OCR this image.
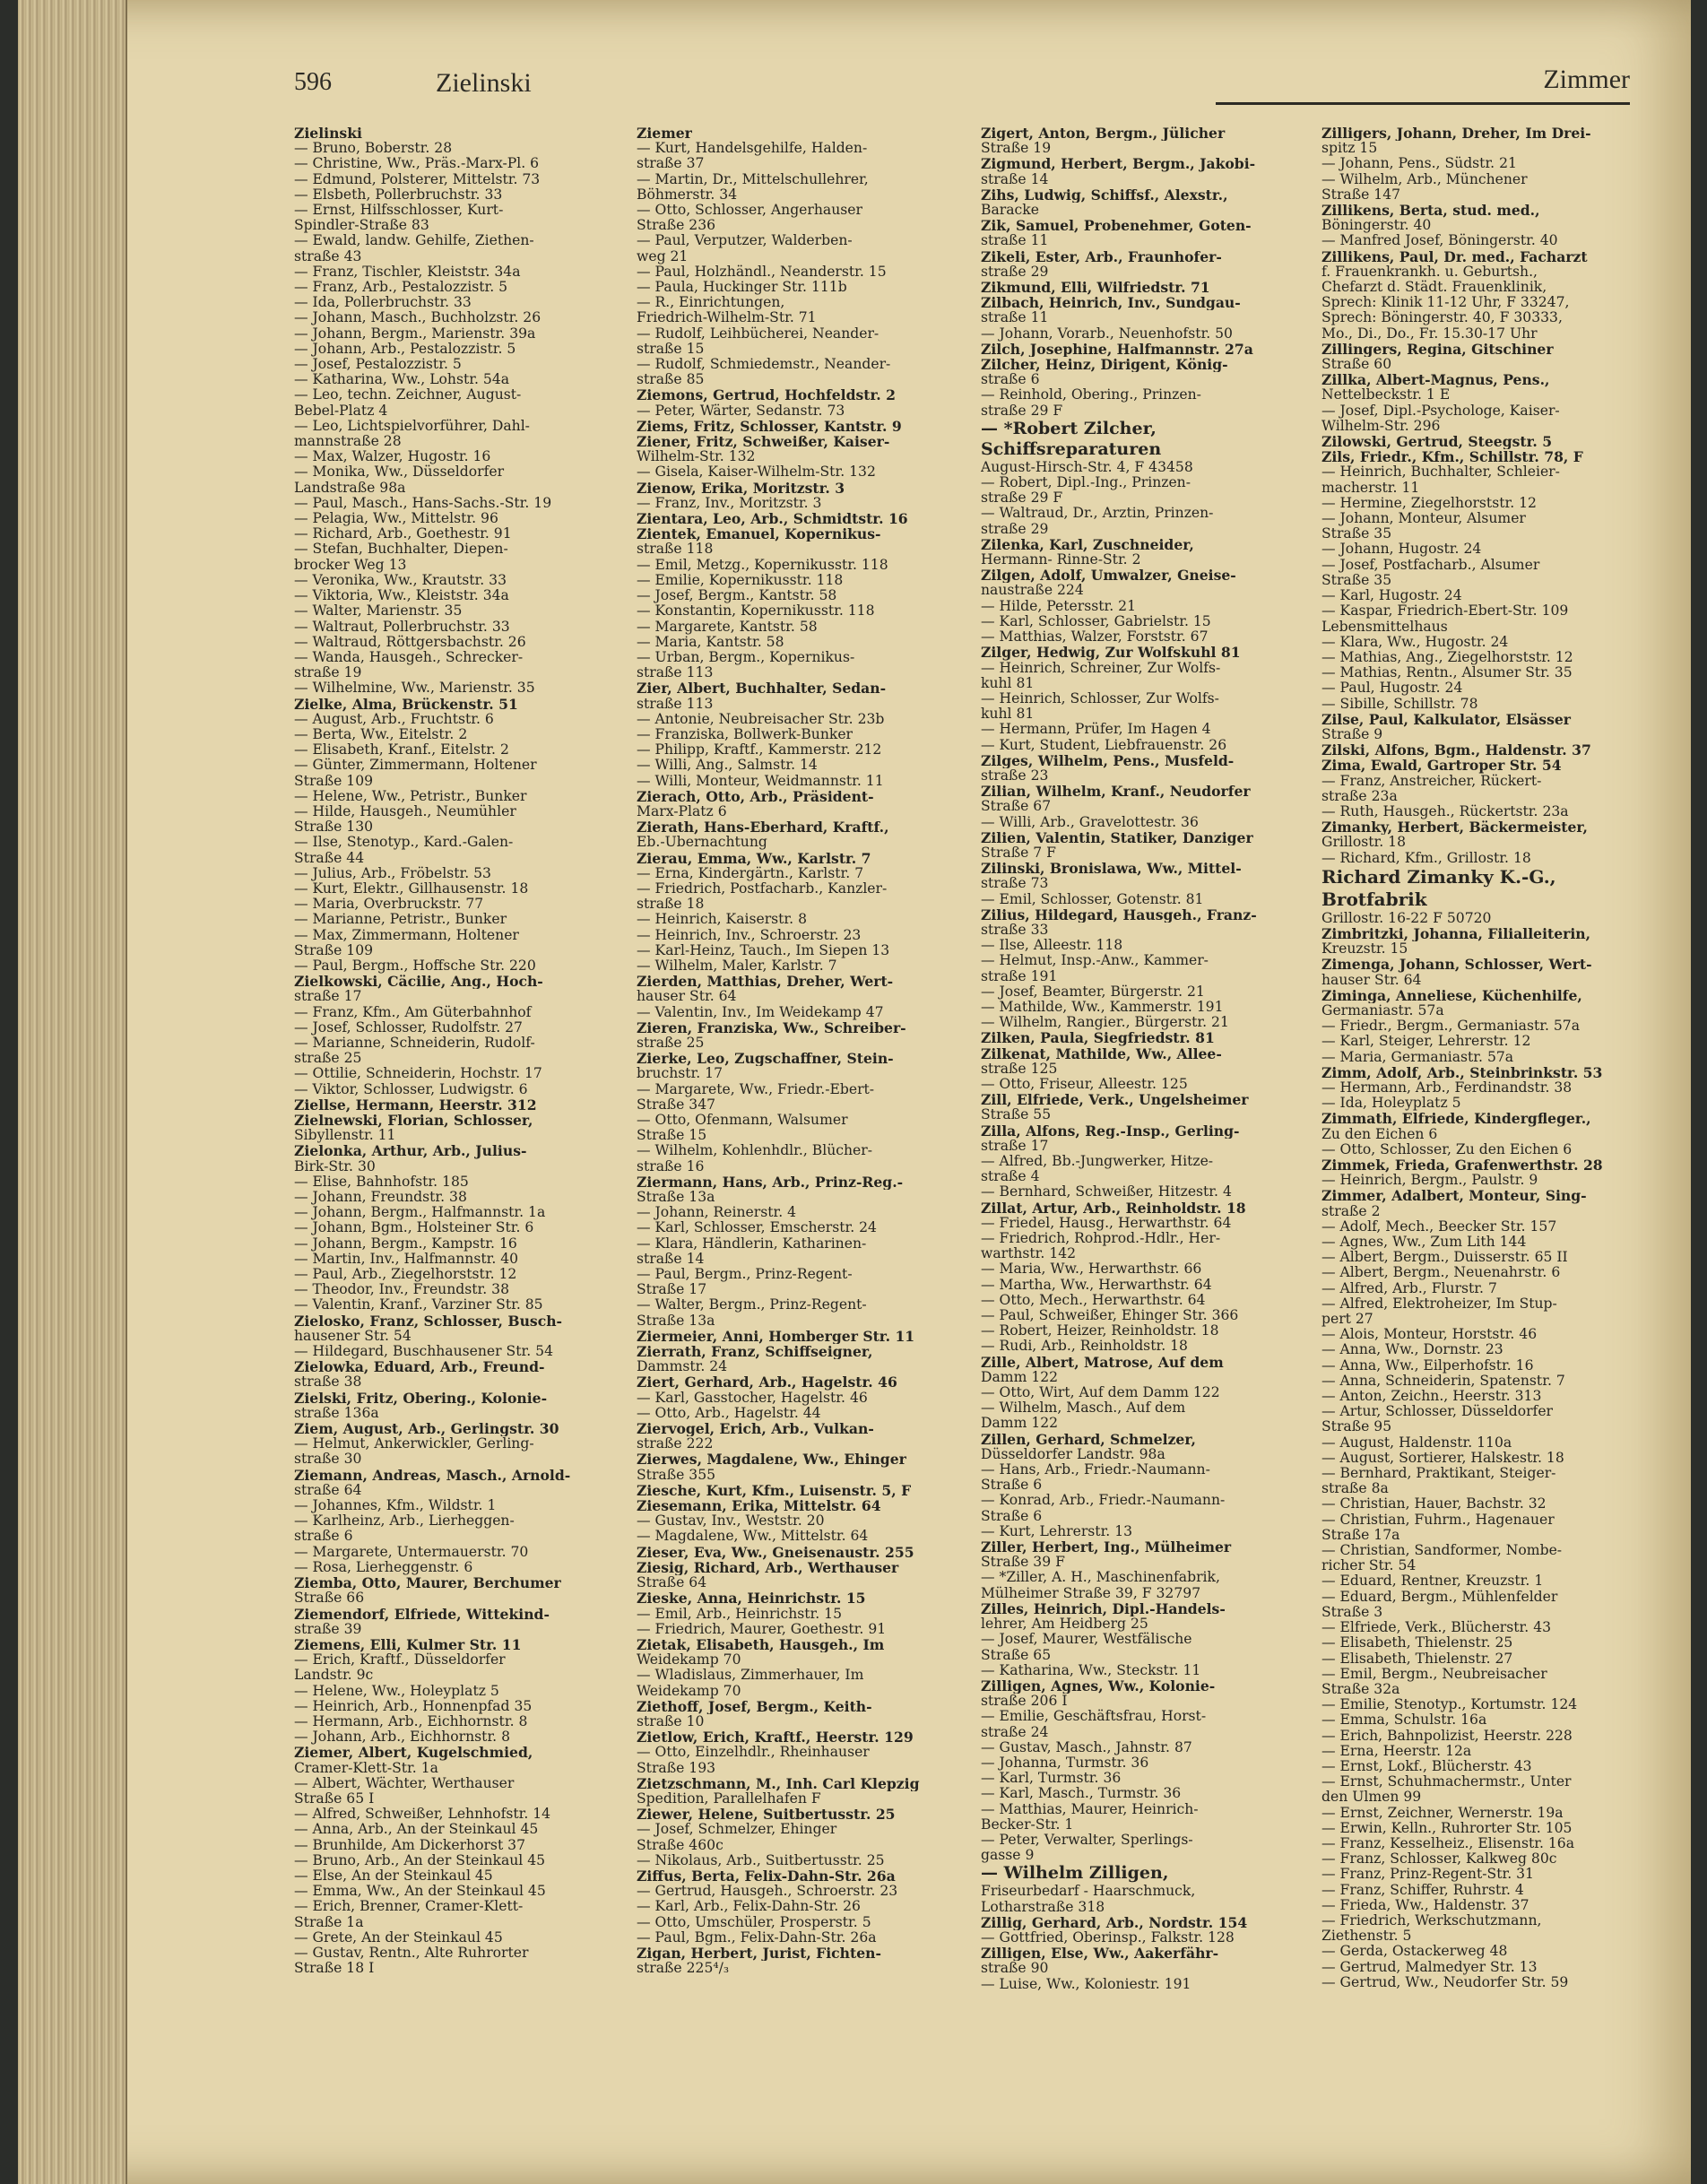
596	Zielinski	Zimmer
Zielinski
— Bruno, Boberstr. 28
— Christine, Ww., Präs.-Marx-Pl. 6
— Edmund, Polsterer, Mittelstr. 73
— Elsbeth, Pollerbruchstr. 33
— Ernst, Hilfsschlosser, Kurt-
Spindler-Straße 83
— Ewald, landw. Gehilfe, Ziethen-
straße 43
— Franz, Tischler, Kleiststr. 34a
— Franz, Arb., Pestalozzistr. 5
— Ida, Pollerbruchstr. 33
— Johann, Masch., Buchholzstr. 26
— Johann, Bergm., Marienstr. 39a
— Johann, Arb., Pestalozzistr. 5
— Josef, Pestalozzistr. 5
— Katharina, Ww., Lohstr. 54a
— Leo, techn. Zeichner, August-
Bebel-Platz 4
— Leo, Lichtspielvorführer, Dahl-
mannstraße 28
— Max, Walzer, Hugostr. 16
— Monika, Ww., Düsseldorfer
Landstraße 98a
— Paul, Masch., Hans-Sachs.-Str. 19
— Pelagia, Ww., Mittelstr. 96
— Richard, Arb., Goethestr. 91
— Stefan, Buchhalter, Diepen-
brocker Weg 13
— Veronika, Ww., Krautstr. 33
— Viktoria, Ww., Kleiststr. 34a
— Walter, Marienstr. 35
— Waltraut, Pollerbruchstr. 33
— Waltraud, Röttgersbachstr. 26
— Wanda, Hausgeh., Schrecker-
straße 19
— Wilhelmine, Ww., Marienstr. 35
Zielke, Alma, Brückenstr. 51
— August, Arb., Fruchtstr. 6
— Berta, Ww., Eitelstr. 2
— Elisabeth, Kranf., Eitelstr. 2
— Günter, Zimmermann, Holtener
Straße 109
— Helene, Ww., Petristr., Bunker
— Hilde, Hausgeh., Neumühler
Straße 130
— Ilse, Stenotyp., Kard.-Galen-
Straße 44
— Julius, Arb., Fröbelstr. 53
— Kurt, Elektr., Gillhausenstr. 18
— Maria, Overbruckstr. 77
— Marianne, Petristr., Bunker
— Max, Zimmermann, Holtener
Straße 109
— Paul, Bergm., Hoffsche Str. 220
Zielkowski, Cäcilie, Ang., Hoch-
straße 17
— Franz, Kfm., Am Güterbahnhof
— Josef, Schlosser, Rudolfstr. 27
— Marianne, Schneiderin, Rudolf-
straße 25
— Ottilie, Schneiderin, Hochstr. 17
— Viktor, Schlosser, Ludwigstr. 6
Ziellse, Hermann, Heerstr. 312
Zielnewski, Florian, Schlosser,
Sibyllenstr. 11
Zielonka, Arthur, Arb., Julius-
Birk-Str. 30
— Elise, Bahnhofstr. 185
— Johann, Freundstr. 38
— Johann, Bergm., Halfmannstr. 1a
— Johann, Bgm., Holsteiner Str. 6
— Johann, Bergm., Kampstr. 16
— Martin, Inv., Halfmannstr. 40
— Paul, Arb., Ziegelhorststr. 12
— Theodor, Inv., Freundstr. 38
— Valentin, Kranf., Varziner Str. 85
Zielosko, Franz, Schlosser, Busch-
hausener Str. 54
— Hildegard, Buschhausener Str. 54
Zielowka, Eduard, Arb., Freund-
straße 38
Zielski, Fritz, Obering., Kolonie-
straße 136a
Ziem, August, Arb., Gerlingstr. 30
— Helmut, Ankerwickler, Gerling-
straße 30
Ziemann, Andreas, Masch., Arnold-
straße 64
— Johannes, Kfm., Wildstr. 1
— Karlheinz, Arb., Lierheggen-
straße 6
— Margarete, Untermauerstr. 70
— Rosa, Lierheggenstr. 6
Ziemba, Otto, Maurer, Berchumer
Straße 66
Ziemendorf, Elfriede, Wittekind-
straße 39
Ziemens, Elli, Kulmer Str. 11
— Erich, Kraftf., Düsseldorfer
Landstr. 9c
— Helene, Ww., Holeyplatz 5
— Heinrich, Arb., Honnenpfad 35
— Hermann, Arb., Eichhornstr. 8
— Johann, Arb., Eichhornstr. 8
Ziemer, Albert, Kugelschmied,
Cramer-Klett-Str. 1a
— Albert, Wächter, Werthauser
Straße 65 I
— Alfred, Schweißer, Lehnhofstr. 14
— Anna, Arb., An der Steinkaul 45
— Brunhilde, Am Dickerhorst 37
— Bruno, Arb., An der Steinkaul 45
— Else, An der Steinkaul 45
— Emma, Ww., An der Steinkaul 45
— Erich, Brenner, Cramer-Klett-
Straße 1a
— Grete, An der Steinkaul 45
— Gustav, Rentn., Alte Ruhrorter
Straße 18 I
Ziemer
— Kurt, Handelsgehilfe, Halden-
straße 37
— Martin, Dr., Mittelschullehrer,
Böhmerstr. 34
— Otto, Schlosser, Angerhauser
Straße 236
— Paul, Verputzer, Walderben-
weg 21
— Paul, Holzhändl., Neanderstr. 15
— Paula, Huckinger Str. 111b
— R., Einrichtungen,
Friedrich-Wilhelm-Str. 71
— Rudolf, Leihbücherei, Neander-
straße 15
— Rudolf, Schmiedemstr., Neander-
straße 85
Ziemons, Gertrud, Hochfeldstr. 2
— Peter, Wärter, Sedanstr. 73
Ziems, Fritz, Schlosser, Kantstr. 9
Ziener, Fritz, Schweißer, Kaiser-
Wilhelm-Str. 132
— Gisela, Kaiser-Wilhelm-Str. 132
Zienow, Erika, Moritzstr. 3
— Franz, Inv., Moritzstr. 3
Zientara, Leo, Arb., Schmidtstr. 16
Zientek, Emanuel, Kopernikus-
straße 118
— Emil, Metzg., Kopernikusstr. 118
— Emilie, Kopernikusstr. 118
— Josef, Bergm., Kantstr. 58
— Konstantin, Kopernikusstr. 118
— Margarete, Kantstr. 58
— Maria, Kantstr. 58
— Urban, Bergm., Kopernikus-
straße 113
Zier, Albert, Buchhalter, Sedan-
straße 113
— Antonie, Neubreisacher Str. 23b
— Franziska, Bollwerk-Bunker
— Philipp, Kraftf., Kammerstr. 212
— Willi, Ang., Salmstr. 14
— Willi, Monteur, Weidmannstr. 11
Zierach, Otto, Arb., Präsident-
Marx-Platz 6
Zierath, Hans-Eberhard, Kraftf.,
Eb.-Übernachtung
Zierau, Emma, Ww., Karlstr. 7
— Erna, Kindergärtn., Karlstr. 7
— Friedrich, Postfacharb., Kanzler-
straße 18
— Heinrich, Kaiserstr. 8
— Heinrich, Inv., Schroerstr. 23
— Karl-Heinz, Tauch., Im Siepen 13
— Wilhelm, Maler, Karlstr. 7
Zierden, Matthias, Dreher, Wert-
hauser Str. 64
— Valentin, Inv., Im Weidekamp 47
Zieren, Franziska, Ww., Schreiber-
straße 25
Zierke, Leo, Zugschaffner, Stein-
bruchstr. 17
— Margarete, Ww., Friedr.-Ebert-
Straße 347
— Otto, Ofenmann, Walsumer
Straße 15
— Wilhelm, Kohlenhdlr., Blücher-
straße 16
Ziermann, Hans, Arb., Prinz-Reg.-
Straße 13a
— Johann, Reinerstr. 4
— Karl, Schlosser, Emscherstr. 24
— Klara, Händlerin, Katharinen-
straße 14
— Paul, Bergm., Prinz-Regent-
Straße 17
— Walter, Bergm., Prinz-Regent-
Straße 13a
Ziermeier, Anni, Homberger Str. 11
Zierrath, Franz, Schiffseigner,
Dammstr. 24
Ziert, Gerhard, Arb., Hagelstr. 46
— Karl, Gasstocher, Hagelstr. 46
— Otto, Arb., Hagelstr. 44
Ziervogel, Erich, Arb., Vulkan-
straße 222
Zierwes, Magdalene, Ww., Ehinger
Straße 355
Ziesche, Kurt, Kfm., Luisenstr. 5, F
Ziesemann, Erika, Mittelstr. 64
— Gustav, Inv., Weststr. 20
— Magdalene, Ww., Mittelstr. 64
Zieser, Eva, Ww., Gneisenaustr. 255
Ziesig, Richard, Arb., Werthauser
Straße 64
Zieske, Anna, Heinrichstr. 15
— Emil, Arb., Heinrichstr. 15
— Friedrich, Maurer, Goethestr. 91
Zietak, Elisabeth, Hausgeh., Im
Weidekamp 70
— Wladislaus, Zimmerhauer, Im
Weidekamp 70
Ziethoff, Josef, Bergm., Keith-
straße 10
Zietlow, Erich, Kraftf., Heerstr. 129
— Otto, Einzelhdlr., Rheinhauser
Straße 193
Zietzschmann, M., Inh. Carl Klepzig
Spedition, Parallelhafen F
Ziewer, Helene, Suitbertusstr. 25
— Josef, Schmelzer, Ehinger
Straße 460c
— Nikolaus, Arb., Suitbertusstr. 25
Ziffus, Berta, Felix-Dahn-Str. 26a
— Gertrud, Hausgeh., Schroerstr. 23
— Karl, Arb., Felix-Dahn-Str. 26
— Otto, Umschüler, Prosperstr. 5
— Paul, Bgm., Felix-Dahn-Str. 26a
Zigan, Herbert, Jurist, Fichten-
straße 225⁴/₃
Zigert, Anton, Bergm., Jülicher
Straße 19
Zigmund, Herbert, Bergm., Jakobi-
straße 14
Zihs, Ludwig, Schiffsf., Alexstr.,
Baracke
Zik, Samuel, Probenehmer, Goten-
straße 11
Zikeli, Ester, Arb., Fraunhofer-
straße 29
Zikmund, Elli, Wilfriedstr. 71
Zilbach, Heinrich, Inv., Sundgau-
straße 11
— Johann, Vorarb., Neuenhofstr. 50
Zilch, Josephine, Halfmannstr. 27a
Zilcher, Heinz, Dirigent, König-
straße 6
— Reinhold, Obering., Prinzen-
straße 29 F
— *Robert Zilcher,
Schiffsreparaturen
August-Hirsch-Str. 4, F 43458
— Robert, Dipl.-Ing., Prinzen-
straße 29 F
— Waltraud, Dr., Ärztin, Prinzen-
straße 29
Zilenka, Karl, Zuschneider,
Hermann- Rinne-Str. 2
Zilgen, Adolf, Umwalzer, Gneise-
naustraße 224
— Hilde, Petersstr. 21
— Karl, Schlosser, Gabrielstr. 15
— Matthias, Walzer, Forststr. 67
Zilger, Hedwig, Zur Wolfskuhl 81
— Heinrich, Schreiner, Zur Wolfs-
kuhl 81
— Heinrich, Schlosser, Zur Wolfs-
kuhl 81
— Hermann, Prüfer, Im Hagen 4
— Kurt, Student, Liebfrauenstr. 26
Zilges, Wilhelm, Pens., Musfeld-
straße 23
Zilian, Wilhelm, Kranf., Neudorfer
Straße 67
— Willi, Arb., Gravelottestr. 36
Zilien, Valentin, Statiker, Danziger
Straße 7 F
Zilinski, Bronislawa, Ww., Mittel-
straße 73
— Emil, Schlosser, Gotenstr. 81
Zilius, Hildegard, Hausgeh., Franz-
straße 33
— Ilse, Alleestr. 118
— Helmut, Insp.-Anw., Kammer-
straße 191
— Josef, Beamter, Bürgerstr. 21
— Mathilde, Ww., Kammerstr. 191
— Wilhelm, Rangier., Bürgerstr. 21
Zilken, Paula, Siegfriedstr. 81
Zilkenat, Mathilde, Ww., Allee-
straße 125
— Otto, Friseur, Alleestr. 125
Zill, Elfriede, Verk., Ungelsheimer
Straße 55
Zilla, Alfons, Reg.-Insp., Gerling-
straße 17
— Alfred, Bb.-Jungwerker, Hitze-
straße 4
— Bernhard, Schweißer, Hitzestr. 4
Zillat, Artur, Arb., Reinholdstr. 18
— Friedel, Hausg., Herwarthstr. 64
— Friedrich, Rohprod.-Hdlr., Her-
warthstr. 142
— Maria, Ww., Herwarthstr. 66
— Martha, Ww., Herwarthstr. 64
— Otto, Mech., Herwarthstr. 64
— Paul, Schweißer, Ehinger Str. 366
— Robert, Heizer, Reinholdstr. 18
— Rudi, Arb., Reinholdstr. 18
Zille, Albert, Matrose, Auf dem
Damm 122
— Otto, Wirt, Auf dem Damm 122
— Wilhelm, Masch., Auf dem
Damm 122
Zillen, Gerhard, Schmelzer,
Düsseldorfer Landstr. 98a
— Hans, Arb., Friedr.-Naumann-
Straße 6
— Konrad, Arb., Friedr.-Naumann-
Straße 6
— Kurt, Lehrerstr. 13
Ziller, Herbert, Ing., Mülheimer
Straße 39 F
— *Ziller, A. H., Maschinenfabrik,
Mülheimer Straße 39, F 32797
Zilles, Heinrich, Dipl.-Handels-
lehrer, Am Heidberg 25
— Josef, Maurer, Westfälische
Straße 65
— Katharina, Ww., Steckstr. 11
Zilligen, Agnes, Ww., Kolonie-
straße 206 I
— Emilie, Geschäftsfrau, Horst-
straße 24
— Gustav, Masch., Jahnstr. 87
— Johanna, Turmstr. 36
— Karl, Turmstr. 36
— Karl, Masch., Turmstr. 36
— Matthias, Maurer, Heinrich-
Becker-Str. 1
— Peter, Verwalter, Sperlings-
gasse 9
— Wilhelm Zilligen,
Friseurbedarf - Haarschmuck,
Lotharstraße 318
Zillig, Gerhard, Arb., Nordstr. 154
— Gottfried, Oberinsp., Falkstr. 128
Zilligen, Else, Ww., Aakerfähr-
straße 90
— Luise, Ww., Koloniestr. 191
Zilligers, Johann, Dreher, Im Drei-
spitz 15
— Johann, Pens., Südstr. 21
— Wilhelm, Arb., Münchener
Straße 147
Zillikens, Berta, stud. med.,
Böningerstr. 40
— Manfred Josef, Böningerstr. 40
Zillikens, Paul, Dr. med., Facharzt
f. Frauenkrankh. u. Geburtsh.,
Chefarzt d. Städt. Frauenklinik,
Sprech: Klinik 11-12 Uhr, F 33247,
Sprech: Böningerstr. 40, F 30333,
Mo., Di., Do., Fr. 15.30-17 Uhr
Zillingers, Regina, Gitschiner
Straße 60
Zillka, Albert-Magnus, Pens.,
Nettelbeckstr. 1 E
— Josef, Dipl.-Psychologe, Kaiser-
Wilhelm-Str. 296
Zilowski, Gertrud, Steegstr. 5
Zils, Friedr., Kfm., Schillstr. 78, F
— Heinrich, Buchhalter, Schleier-
macherstr. 11
— Hermine, Ziegelhorststr. 12
— Johann, Monteur, Alsumer
Straße 35
— Johann, Hugostr. 24
— Josef, Postfacharb., Alsumer
Straße 35
— Karl, Hugostr. 24
— Kaspar, Friedrich-Ebert-Str. 109
Lebensmittelhaus
— Klara, Ww., Hugostr. 24
— Mathias, Ang., Ziegelhorststr. 12
— Mathias, Rentn., Alsumer Str. 35
— Paul, Hugostr. 24
— Sibille, Schillstr. 78
Zilse, Paul, Kalkulator, Elsässer
Straße 9
Zilski, Alfons, Bgm., Haldenstr. 37
Zima, Ewald, Gartroper Str. 54
— Franz, Anstreicher, Rückert-
straße 23a
— Ruth, Hausgeh., Rückertstr. 23a
Zimanky, Herbert, Bäckermeister,
Grillostr. 18
— Richard, Kfm., Grillostr. 18
Richard Zimanky K.-G.,
Brotfabrik
Grillostr. 16-22 F 50720
Zimbritzki, Johanna, Filialleiterin,
Kreuzstr. 15
Zimenga, Johann, Schlosser, Wert-
hauser Str. 64
Ziminga, Anneliese, Küchenhilfe,
Germaniastr. 57a
— Friedr., Bergm., Germaniastr. 57a
— Karl, Steiger, Lehrerstr. 12
— Maria, Germaniastr. 57a
Zimm, Adolf, Arb., Steinbrinkstr. 53
— Hermann, Arb., Ferdinandstr. 38
— Ida, Holeyplatz 5
Zimmath, Elfriede, Kindergfleger.,
Zu den Eichen 6
— Otto, Schlosser, Zu den Eichen 6
Zimmek, Frieda, Grafenwerthstr. 28
— Heinrich, Bergm., Paulstr. 9
Zimmer, Adalbert, Monteur, Sing-
straße 2
— Adolf, Mech., Beecker Str. 157
— Agnes, Ww., Zum Lith 144
— Albert, Bergm., Duisserstr. 65 II
— Albert, Bergm., Neuenahrstr. 6
— Alfred, Arb., Flurstr. 7
— Alfred, Elektroheizer, Im Stup-
pert 27
— Alois, Monteur, Horststr. 46
— Anna, Ww., Dornstr. 23
— Anna, Ww., Eilperhofstr. 16
— Anna, Schneiderin, Spatenstr. 7
— Anton, Zeichn., Heerstr. 313
— Artur, Schlosser, Düsseldorfer
Straße 95
— August, Haldenstr. 110a
— August, Sortierer, Halskestr. 18
— Bernhard, Praktikant, Steiger-
straße 8a
— Christian, Hauer, Bachstr. 32
— Christian, Fuhrm., Hagenauer
Straße 17a
— Christian, Sandformer, Nombe-
richer Str. 54
— Eduard, Rentner, Kreuzstr. 1
— Eduard, Bergm., Mühlenfelder
Straße 3
— Elfriede, Verk., Blücherstr. 43
— Elisabeth, Thielenstr. 25
— Elisabeth, Thielenstr. 27
— Emil, Bergm., Neubreisacher
Straße 32a
— Emilie, Stenotyp., Kortumstr. 124
— Emma, Schulstr. 16a
— Erich, Bahnpolizist, Heerstr. 228
— Erna, Heerstr. 12a
— Ernst, Lokf., Blücherstr. 43
— Ernst, Schuhmachermstr., Unter
den Ulmen 99
— Ernst, Zeichner, Wernerstr. 19a
— Erwin, Kelln., Ruhrorter Str. 105
— Franz, Kesselheiz., Elisenstr. 16a
— Franz, Schlosser, Kalkweg 80c
— Franz, Prinz-Regent-Str. 31
— Franz, Schiffer, Ruhrstr. 4
— Frieda, Ww., Haldenstr. 37
— Friedrich, Werkschutzmann,
Ziethenstr. 5
— Gerda, Ostackerweg 48
— Gertrud, Malmedyer Str. 13
— Gertrud, Ww., Neudorfer Str. 59
